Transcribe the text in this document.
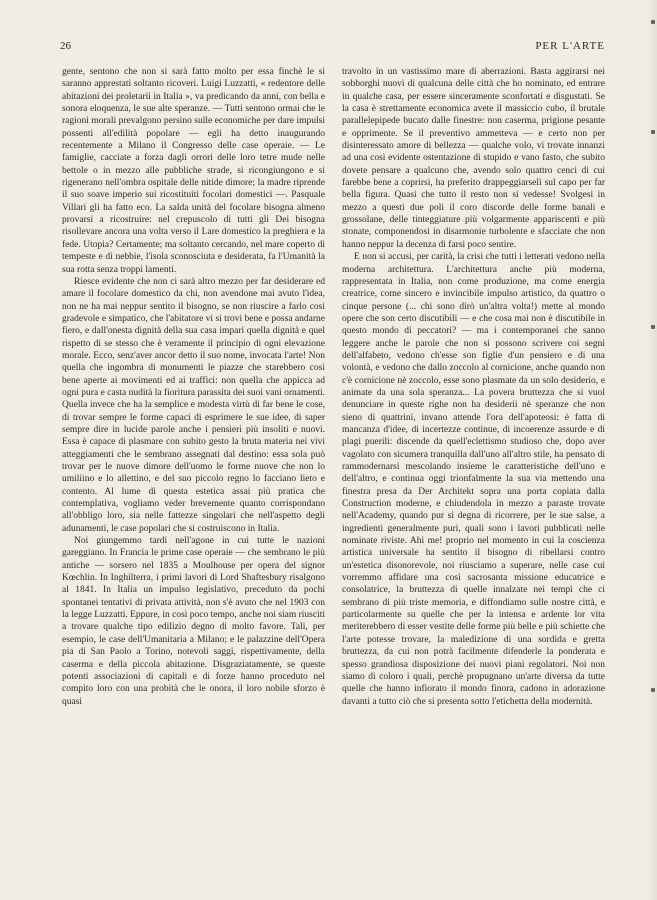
26	PER L'ARTE

gente, sentono che non si sarà fatto molto per essa finchè le si saranno apprestati soltanto ricoveri. Luigi Luzzatti, « redentore delle abitazioni dei proletarii in Italia », va predicando da anni, con bella e sonora eloquenza, le sue alte speranze. — Tutti sentono ormai che le ragioni morali prevalgono persino sulle economiche per dare impulsi possenti all'edilità popolare — egli ha detto inaugurando recentemente a Milano il Congresso delle case operaie. — Le famiglie, cacciate a forza dagli orrori delle loro tetre mude nelle bettole o in mezzo alle pubbliche strade, si ricongiungono e si rigenerano nell'ombra ospitale delle nitide dimore; la madre riprende il suo soave imperio sui ricostituiti focolari domestici —. Pasquale Villari gli ha fatto eco. La salda unità del focolare bisogna almeno provarsi a ricostruire: nel crepuscolo di tutti gli Dei bisogna risollevare ancora una volta verso il Lare domestico la preghiera e la fede. Utopia? Certamente; ma soltanto cercando, nel mare coperto di tempeste e di nebbie, l'isola sconosciuta e desiderata, fa l'Umanità la sua rotta senza troppi lamenti.

Riesce evidente che non ci sarà altro mezzo per far desiderare ed amare il focolare domestico da chi, non avendone mai avuto l'idea, non ne ha mai neppur sentito il bisogno, se non riuscire a farlo così gradevole e simpatico, che l'abitatore vi si trovi bene e possa andarne fiero, e dall'onesta dignità della sua casa impari quella dignità e quel rispetto di se stesso che è veramente il principio di ogni elevazione morale. Ecco, senz'aver ancor detto il suo nome, invocata l'arte! Non quella che ingombra di monumenti le piazze che starebbero così bene aperte ai movimenti ed ai traffici: non quella che appicca ad ogni pura e casta nudità la fioritura parassita dei suoi vani ornamenti. Quella invece che ha la semplice e modesta virtù di far bene le cose, di trovar sempre le forme capaci di esprimere le sue idee, di saper sempre dire in lucide parole anche i pensieri più insoliti e nuovi. Essa è capace di plasmare con subito gesto la bruta materia nei vivi atteggiamenti che le sembrano assegnati dal destino: essa sola può trovar per le nuove dimore dell'uomo le forme nuove che non lo umiliino e lo allettino, e del suo piccolo regno lo facciano lieto e contento. Al lume di questa estetica assai più pratica che contemplativa, vogliamo veder brevemente quanto corrispondano all'obbligo loro, sia nelle fattezze singolari che nell'aspetto degli adunamenti, le case popolari che si costruiscono in Italia.

Noi giungemmo tardi nell'agone in cui tutte le nazioni gareggiano. In Francia le prime case operaie — che sembrano le più antiche — sorsero nel 1835 a Moulhouse per opera del signor Kœchlin. In Inghilterra, i primi lavori di Lord Shaftesbury risalgono al 1841. In Italia un impulso legislativo, preceduto da pochi spontanei tentativi di privata attività, non s'è avuto che nel 1903 con la legge Luzzatti. Eppure, in così poco tempo, anche noi siam riusciti a trovare qualche tipo edilizio degno di molto favore. Tali, per esempio, le case dell'Umanitaria a Milano; e le palazzine dell'Opera pia di San Paolo a Torino, notevoli saggi, rispettivamente, della caserma e della piccola abitazione. Disgraziatamente, se queste potenti associazioni di capitali e di forze hanno proceduto nel compito loro con una probità che le onora, il loro nobile sforzo è quasi

travolto in un vastissimo mare di aberrazioni. Basta aggirarsi nei sobborghi nuovi di qualcuna delle città che ho nominato, ed entrare in qualche casa, per essere sinceramente sconfortati e disgustati. Se la casa è strettamente economica avete il massiccio cubo, il brutale parallelepipede bucato dalle finestre: non caserma, prigione pesante e opprimente. Se il preventivo ammetteva — e certo non per disinteressato amore di bellezza — qualche volo, vi trovate innanzi ad una così evidente ostentazione di stupido e vano fasto, che subito dovete pensare a qualcuno che, avendo solo quattro cenci di cui farebbe bene a coprirsi, ha preferito drappeggiarseli sul capo per far bella figura. Quasi che tutto il resto non si vedesse! Svolgesi in mezzo a questi due poli il coro discorde delle forme banali e grossolane, delle tinteggiature più volgarmente appariscenti e più stonate, componendosi in disarmonie turbolente e sfacciate che non hanno neppur la decenza di farsi poco sentire.

E non si accusi, per carità, la crisi che tutti i letterati vedono nella moderna architettura. L'architettura anche più moderna, rappresentata in Italia, non come produzione, ma come energia creatrice, come sincero e invincibile impulso artistico, da quattro o cinque persone (... chi sono dirò un'altra volta!) mette al mondo opere che son certo discutibili — e che cosa mai non è discutibile in questo mondo di peccatori? — ma i contemporanei che sanno leggere anche le parole che non si possono scrivere coi segni dell'alfabeto, vedono ch'esse son figlie d'un pensiero e di una volontà, e vedono che dallo zoccolo al cornicione, anche quando non c'è cornicione nè zoccolo, esse sono plasmate da un solo desiderio, e animate da una sola speranza... La povera bruttezza che si vuol denunciare in queste righe non ha desiderii nè speranze che non sieno di quattrini, invano attende l'ora dell'apoteosi: è fatta di mancanza d'idee, di incertezze continue, di incoerenze assurde e di plagi puerili: discende da quell'eclettismo studioso che, dopo aver vagolato con sicumera tranquilla dall'uno all'altro stile, ha pensato di rammodernarsi mescolando insieme le caratteristiche dell'uno e dell'altro, e continua oggi trionfalmente la sua via mettendo una finestra presa da Der Architekt sopra una porta copiata dalla Construction moderne, e chiudendola in mezzo a paraste trovate nell'Academy, quando pur si degna di ricorrere, per le sue salse, a ingredienti generalmente puri, quali sono i lavori pubblicati nelle nominate riviste. Ahi me! proprio nel momento in cui la coscienza artistica universale ha sentito il bisogno di ribellarsi contro un'estetica disonorevole, noi riusciamo a superare, nelle case cui vorremmo affidare una così sacrosanta missione educatrice e consolatrice, la bruttezza di quelle innalzate nei tempi che ci sembrano di più triste memoria, e diffondiamo sulle nostre città, e particolarmente su quelle che per la intensa e ardente lor vita meriterebbero di esser vestite delle forme più belle e più schiette che l'arte potesse trovare, la maledizione di una sordida e gretta bruttezza, da cui non potrà facilmente difenderle la ponderata e spesso grandiosa disposizione dei nuovi piani regolatori. Noi non siamo di coloro i quali, perchè propugnano un'arte diversa da tutte quelle che hanno infiorato il mondo finora, cadono in adorazione davanti a tutto ciò che si presenta sotto l'etichetta della modernità.
